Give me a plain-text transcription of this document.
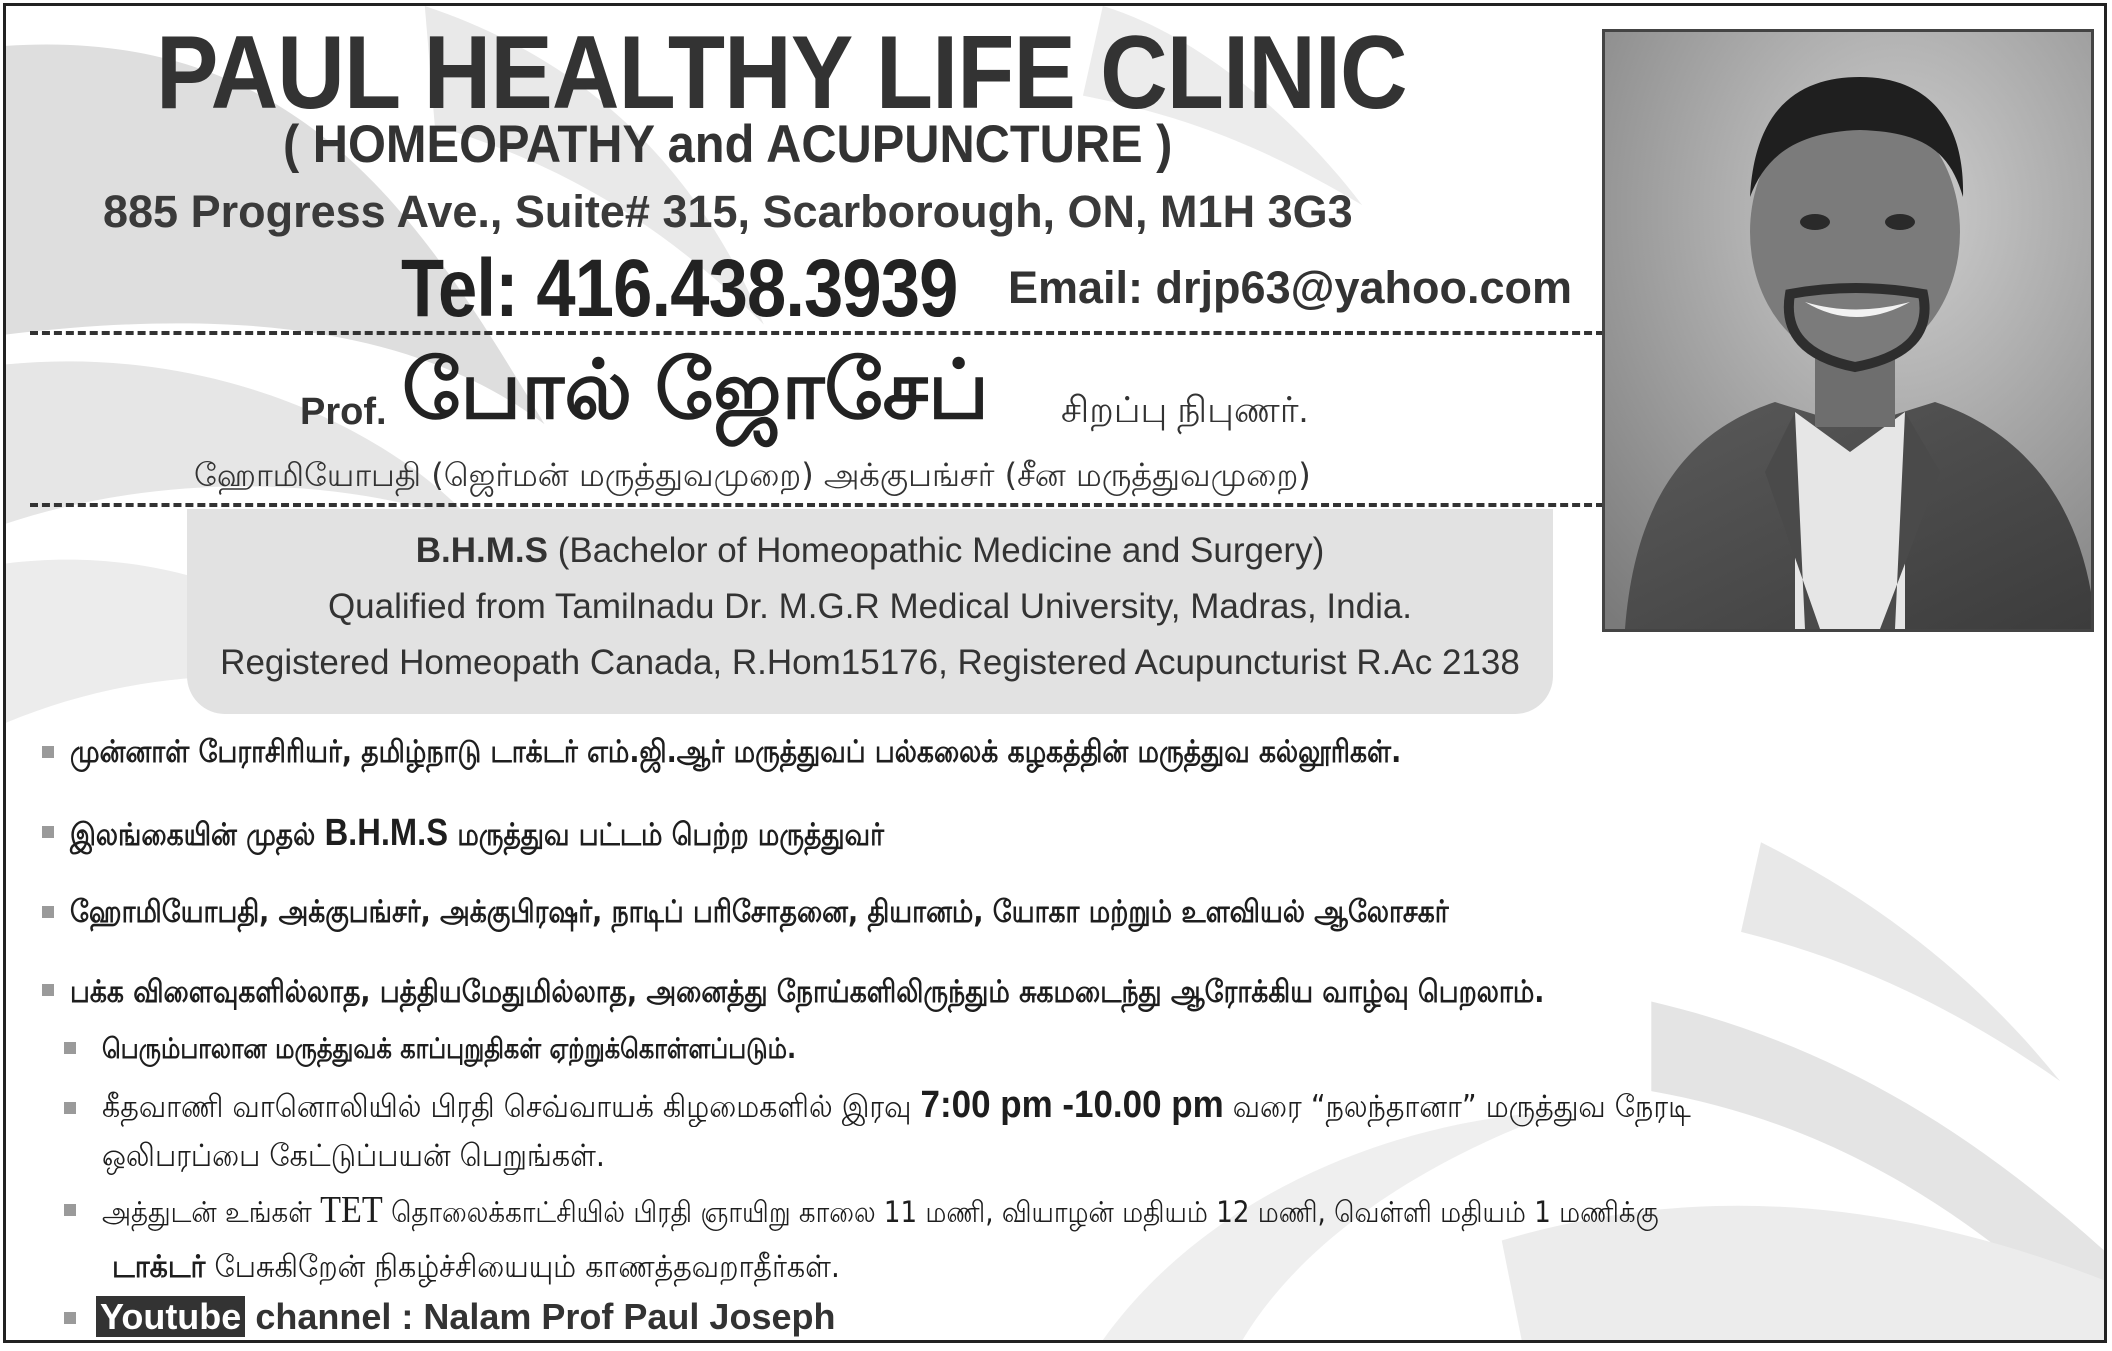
PAUL HEALTHY LIFE CLINIC
( HOMEOPATHY and ACUPUNCTURE )
885 Progress Ave., Suite# 315, Scarborough, ON, M1H 3G3
Tel: 416.438.3939 Email: drjp63@yahoo.com
Prof. போல் ஜோசேப் சிறப்பு நிபுணர்.
ஹோமியோபதி (ஜெர்மன் மருத்துவமுறை) அக்குபங்சர் (சீன மருத்துவமுறை)
B.H.M.S (Bachelor of Homeopathic Medicine and Surgery)
Qualified from Tamilnadu Dr. M.G.R Medical University, Madras, India.
Registered Homeopath Canada, R.Hom15176, Registered Acupuncturist R.Ac 2138
முன்னாள் பேராசிரியர், தமிழ்நாடு டாக்டர் எம்.ஜி.ஆர் மருத்துவப் பல்கலைக் கழகத்தின் மருத்துவ கல்லூரிகள்.
இலங்கையின் முதல் B.H.M.S மருத்துவ பட்டம் பெற்ற மருத்துவர்
ஹோமியோபதி, அக்குபங்சர், அக்குபிரஷர், நாடிப் பரிசோதனை, தியானம், யோகா மற்றும் உளவியல் ஆலோசகர்
பக்க விளைவுகளில்லாத, பத்தியமேதுமில்லாத, அனைத்து நோய்களிலிருந்தும் சுகமடைந்து ஆரோக்கிய வாழ்வு பெறலாம்.
பெரும்பாலான மருத்துவக் காப்புறுதிகள் ஏற்றுக்கொள்ளப்படும்.
கீதவாணி வானொலியில் பிரதி செவ்வாயக் கிழமைகளில் இரவு 7:00 pm -10.00 pm வரை “நலந்தானா” மருத்துவ நேரடி
ஒலிபரப்பை கேட்டுப்பயன் பெறுங்கள்.
அத்துடன் உங்கள் TET தொலைக்காட்சியில் பிரதி ஞாயிறு காலை 11 மணி, வியாழன் மதியம் 12 மணி, வெள்ளி மதியம் 1 மணிக்கு
டாக்டர் பேசுகிறேன் நிகழ்ச்சியையும் காணத்தவறாதீர்கள்.
Youtube channel : Nalam Prof Paul Joseph
